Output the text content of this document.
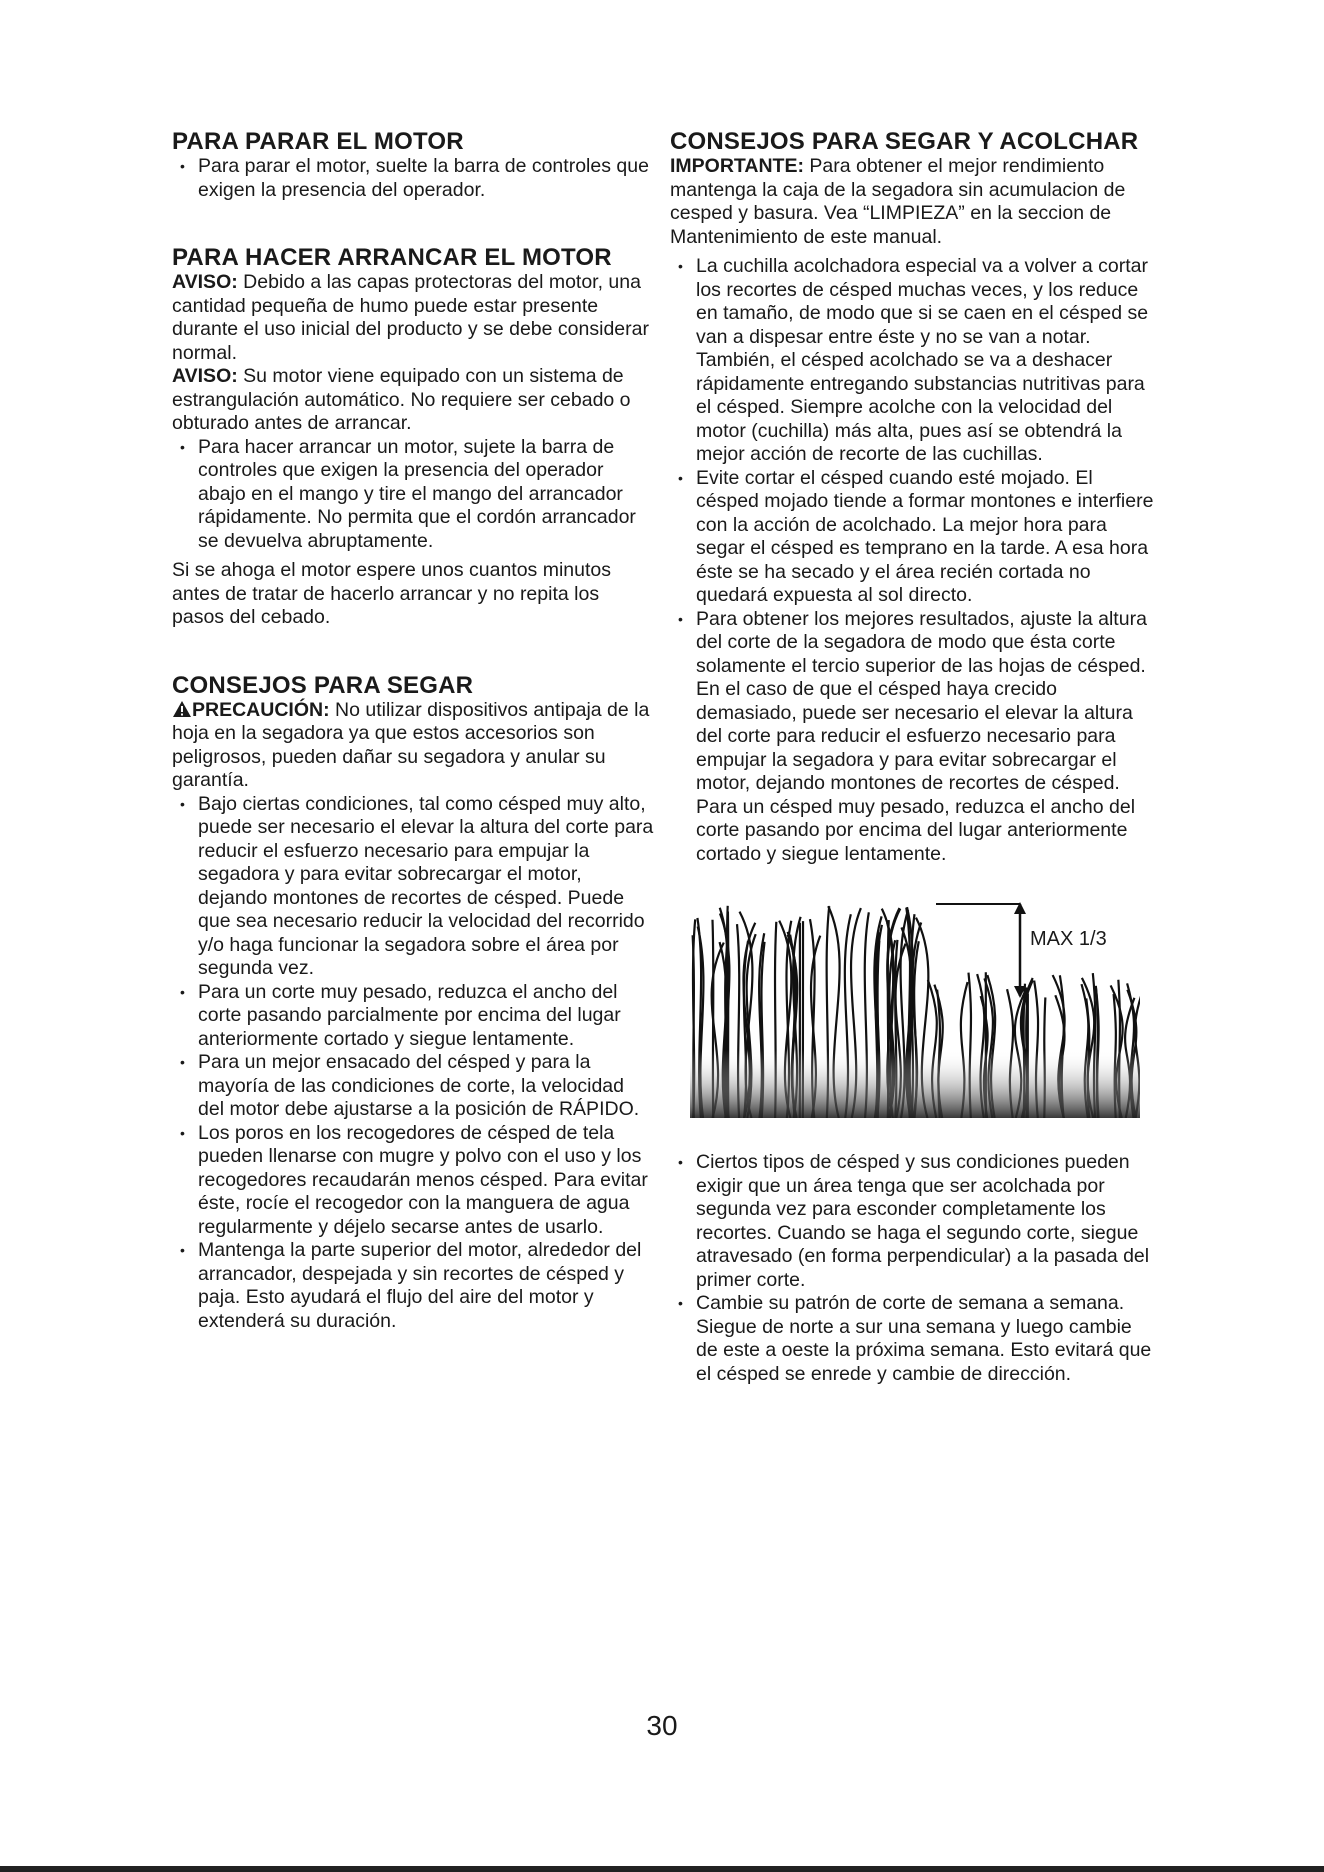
PARA PARAR EL MOTOR
• Para parar el motor, suelte la barra de controles que exigen la presencia del operador.
PARA HACER ARRANCAR EL MOTOR

AVISO: Debido a las capas protectoras del motor, una cantidad pequeña de humo puede estar presente durante el uso inicial del producto y se debe considerar normal.

AVISO: Su motor viene equipado con un sistema de estrangulación automático. No requiere ser cebado o obturado antes de arrancar.

• Para hacer arrancar un motor, sujete la barra de controles que exigen la presencia del operador abajo en el mango y tire el mango del arrancador rápidamente. No permita que el cordón arrancador se devuelva abruptamente.

Si se ahoga el motor espere unos cuantos minutos antes de tratar de hacerlo arrancar y no repita los pasos del cebado.

CONSEJOS PARA SEGAR

PRECAUCIÓN: No utilizar dispositivos antipaja de la hoja en la segadora ya que estos accesorios son peligrosos, pueden dañar su segadora y anular su garantía.

• Bajo ciertas condiciones, tal como césped muy alto, puede ser necesario el elevar la altura del corte para reducir el esfuerzo necesario para empujar la segadora y para evitar sobrecargar el motor, dejando montones de recortes de césped. Puede que sea necesario reducir la velocidad del recorrido y/o haga funcionar la segadora sobre el área por segunda vez.
• Para un corte muy pesado, reduzca el ancho del corte pasando parcialmente por encima del lugar anteriormente cortado y siegue lentamente.
• Para un mejor ensacado del césped y para la mayoría de las condiciones de corte, la velocidad del motor debe ajustarse a la posición de RÁPIDO.
• Los poros en los recogedores de césped de tela pueden llenarse con mugre y polvo con el uso y los recogedores recaudarán menos césped. Para evitar éste, rocíe el recogedor con la manguera de agua regularmente y déjelo secarse antes de usarlo.
• Mantenga la parte superior del motor, alrededor del arrancador, despejada y sin recortes de césped y paja. Esto ayudará el flujo del aire del motor y extenderá su duración.
CONSEJOS PARA SEGAR Y ACOLCHAR

IMPORTANTE: Para obtener el mejor rendimiento mantenga la caja de la segadora sin acumulacion de cesped y basura. Vea “LIMPIEZA” en la seccion de Mantenimiento de este manual.

• La cuchilla acolchadora especial va a volver a cortar los recortes de césped muchas veces, y los reduce en tamaño, de modo que si se caen en el césped se van a dispesar entre éste y no se van a notar. También, el césped acolchado se va a deshacer rápidamente entregando substancias nutritivas para el césped. Siempre acolche con la velocidad del motor (cuchilla) más alta, pues así se obtendrá la mejor acción de recorte de las cuchillas.
• Evite cortar el césped cuando esté mojado. El césped mojado tiende a formar montones e interfiere con la acción de acolchado. La mejor hora para segar el césped es temprano en la tarde. A esa hora éste se ha secado y el área recién cortada no quedará expuesta al sol directo.
• Para obtener los mejores resultados, ajuste la altura del corte de la segadora de modo que ésta corte solamente el tercio superior de las hojas de césped. En el caso de que el césped haya crecido demasiado, puede ser necesario el elevar la altura del corte para reducir el esfuerzo necesario para empujar la segadora y para evitar sobrecargar el motor, dejando montones de recortes de césped. Para un césped muy pesado, reduzca el ancho del corte pasando por encima del lugar anteriormente cortado y siegue lentamente.
MAX 1/3
• Ciertos tipos de césped y sus condiciones pueden exigir que un área tenga que ser acolchada por segunda vez para esconder completamente los recortes. Cuando se haga el segundo corte, siegue atravesado (en forma perpendicular) a la pasada del primer corte.
• Cambie su patrón de corte de semana a semana. Siegue de norte a sur una semana y luego cambie de este a oeste la próxima semana. Esto evitará que el césped se enrede y cambie de dirección.
30
